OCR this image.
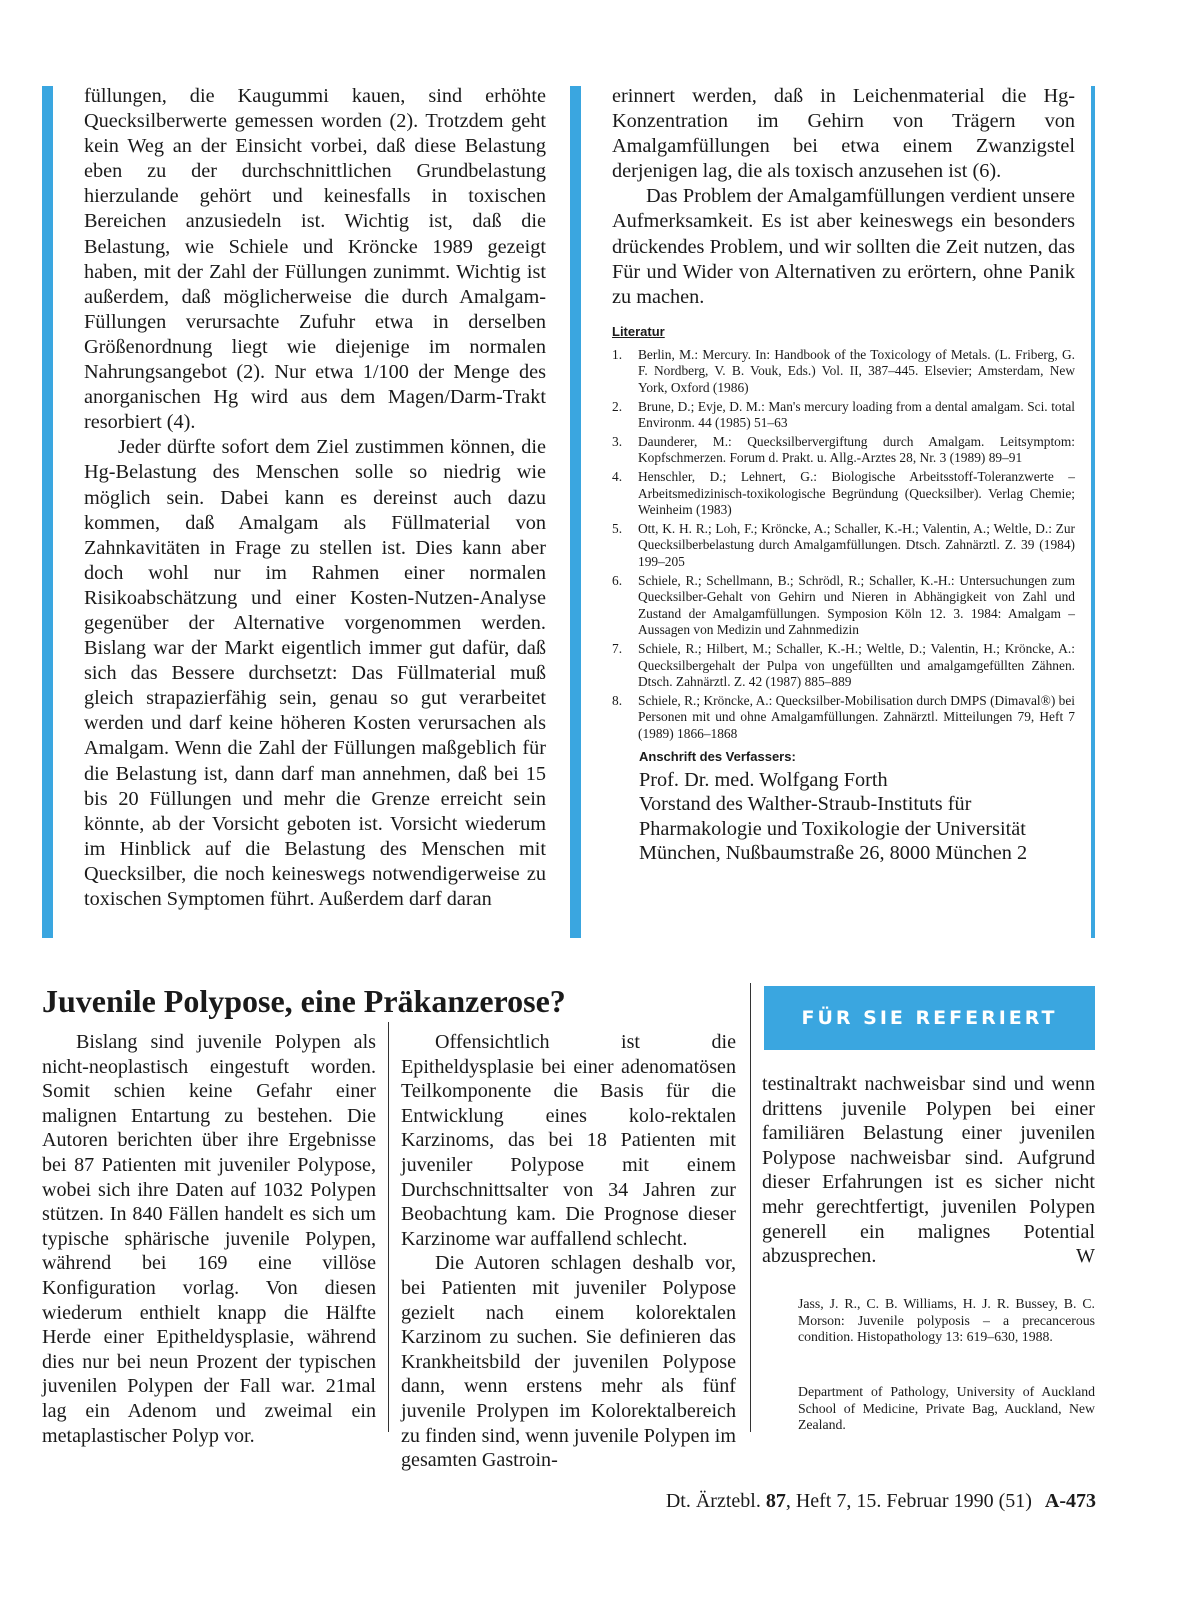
füllungen, die Kaugummi kauen, sind erhöhte Quecksilberwerte gemessen worden (2). Trotzdem geht kein Weg an der Einsicht vorbei, daß diese Belastung eben zu der durchschnittlichen Grundbelastung hierzulande gehört und keinesfalls in toxischen Bereichen anzusiedeln ist. Wichtig ist, daß die Belastung, wie Schiele und Kröncke 1989 gezeigt haben, mit der Zahl der Füllungen zunimmt. Wichtig ist außerdem, daß möglicherweise die durch Amalgam-Füllungen verursachte Zufuhr etwa in derselben Größenordnung liegt wie diejenige im normalen Nahrungsangebot (2). Nur etwa 1/100 der Menge des anorganischen Hg wird aus dem Magen/Darm-Trakt resorbiert (4).

Jeder dürfte sofort dem Ziel zustimmen können, die Hg-Belastung des Menschen solle so niedrig wie möglich sein. Dabei kann es dereinst auch dazu kommen, daß Amalgam als Füllmaterial von Zahnkavitäten in Frage zu stellen ist. Dies kann aber doch wohl nur im Rahmen einer normalen Risikoabschätzung und einer Kosten-Nutzen-Analyse gegenüber der Alternative vorgenommen werden. Bislang war der Markt eigentlich immer gut dafür, daß sich das Bessere durchsetzt: Das Füllmaterial muß gleich strapazierfähig sein, genau so gut verarbeitet werden und darf keine höheren Kosten verursachen als Amalgam. Wenn die Zahl der Füllungen maßgeblich für die Belastung ist, dann darf man annehmen, daß bei 15 bis 20 Füllungen und mehr die Grenze erreicht sein könnte, ab der Vorsicht geboten ist. Vorsicht wiederum im Hinblick auf die Belastung des Menschen mit Quecksilber, die noch keineswegs notwendigerweise zu toxischen Symptomen führt. Außerdem darf daran

erinnert werden, daß in Leichenmaterial die Hg-Konzentration im Gehirn von Trägern von Amalgamfüllungen bei etwa einem Zwanzigstel derjenigen lag, die als toxisch anzusehen ist (6).

Das Problem der Amalgamfüllungen verdient unsere Aufmerksamkeit. Es ist aber keineswegs ein besonders drückendes Problem, und wir sollten die Zeit nutzen, das Für und Wider von Alternativen zu erörtern, ohne Panik zu machen.

Literatur
1.	Berlin, M.: Mercury. In: Handbook of the Toxicology of Metals. (L. Friberg, G. F. Nordberg, V. B. Vouk, Eds.) Vol. II, 387–445. Elsevier; Amsterdam, New York, Oxford (1986)
2.	Brune, D.; Evje, D. M.: Man's mercury loading from a dental amalgam. Sci. total Environm. 44 (1985) 51–63
3.	Daunderer, M.: Quecksilbervergiftung durch Amalgam. Leitsymptom: Kopfschmerzen. Forum d. Prakt. u. Allg.-Arztes 28, Nr. 3 (1989) 89–91
4.	Henschler, D.; Lehnert, G.: Biologische Arbeitsstoff-Toleranzwerte – Arbeitsmedizinisch-toxikologische Begründung (Quecksilber). Verlag Chemie; Weinheim (1983)
5.	Ott, K. H. R.; Loh, F.; Kröncke, A.; Schaller, K.-H.; Valentin, A.; Weltle, D.: Zur Quecksilberbelastung durch Amalgamfüllungen. Dtsch. Zahnärztl. Z. 39 (1984) 199–205
6.	Schiele, R.; Schellmann, B.; Schrödl, R.; Schaller, K.-H.: Untersuchungen zum Quecksilber-Gehalt von Gehirn und Nieren in Abhängigkeit von Zahl und Zustand der Amalgamfüllungen. Symposion Köln 12. 3. 1984: Amalgam – Aussagen von Medizin und Zahnmedizin
7.	Schiele, R.; Hilbert, M.; Schaller, K.-H.; Weltle, D.; Valentin, H.; Kröncke, A.: Quecksilbergehalt der Pulpa von ungefüllten und amalgamgefüllten Zähnen. Dtsch. Zahnärztl. Z. 42 (1987) 885–889
8.	Schiele, R.; Kröncke, A.: Quecksilber-Mobilisation durch DMPS (Dimaval®) bei Personen mit und ohne Amalgamfüllungen. Zahnärztl. Mitteilungen 79, Heft 7 (1989) 1866–1868
Anschrift des Verfassers:
Prof. Dr. med. Wolfgang Forth
Vorstand des Walther-Straub-Instituts für
Pharmakologie und Toxikologie der Universität
München, Nußbaumstraße 26, 8000 München 2
Juvenile Polypose, eine Präkanzerose?	FÜR SIE REFERIERT

Bislang sind juvenile Polypen als nicht-neoplastisch eingestuft worden. Somit schien keine Gefahr einer malignen Entartung zu bestehen. Die Autoren berichten über ihre Ergebnisse bei 87 Patienten mit juveniler Polypose, wobei sich ihre Daten auf 1032 Polypen stützen. In 840 Fällen handelt es sich um typische sphärische juvenile Polypen, während bei 169 eine villöse Konfiguration vorlag. Von diesen wiederum enthielt knapp die Hälfte Herde einer Epitheldysplasie, während dies nur bei neun Prozent der typischen juvenilen Polypen der Fall war. 21mal lag ein Adenom und zweimal ein metaplastischer Polyp vor.

Offensichtlich ist die Epitheldysplasie bei einer adenomatösen Teilkomponente die Basis für die Entwicklung eines kolo-rektalen Karzinoms, das bei 18 Patienten mit juveniler Polypose mit einem Durchschnittsalter von 34 Jahren zur Beobachtung kam. Die Prognose dieser Karzinome war auffallend schlecht.

Die Autoren schlagen deshalb vor, bei Patienten mit juveniler Polypose gezielt nach einem kolorektalen Karzinom zu suchen. Sie definieren das Krankheitsbild der juvenilen Polypose dann, wenn erstens mehr als fünf juvenile Prolypen im Kolorektalbereich zu finden sind, wenn juvenile Polypen im gesamten Gastroin-

testinaltrakt nachweisbar sind und wenn drittens juvenile Polypen bei einer familiären Belastung einer juvenilen Polypose nachweisbar sind. Aufgrund dieser Erfahrungen ist es sicher nicht mehr gerechtfertigt, juvenilen Polypen generell ein malignes Potential abzusprechen.	W

Jass, J. R., C. B. Williams, H. J. R. Bussey, B. C. Morson: Juvenile polyposis – a precancerous condition. Histopathology 13: 619–630, 1988.
Department of Pathology, University of Auckland School of Medicine, Private Bag, Auckland, New Zealand.
Dt. Ärztebl. 87, Heft 7, 15. Februar 1990 (51) A-473
